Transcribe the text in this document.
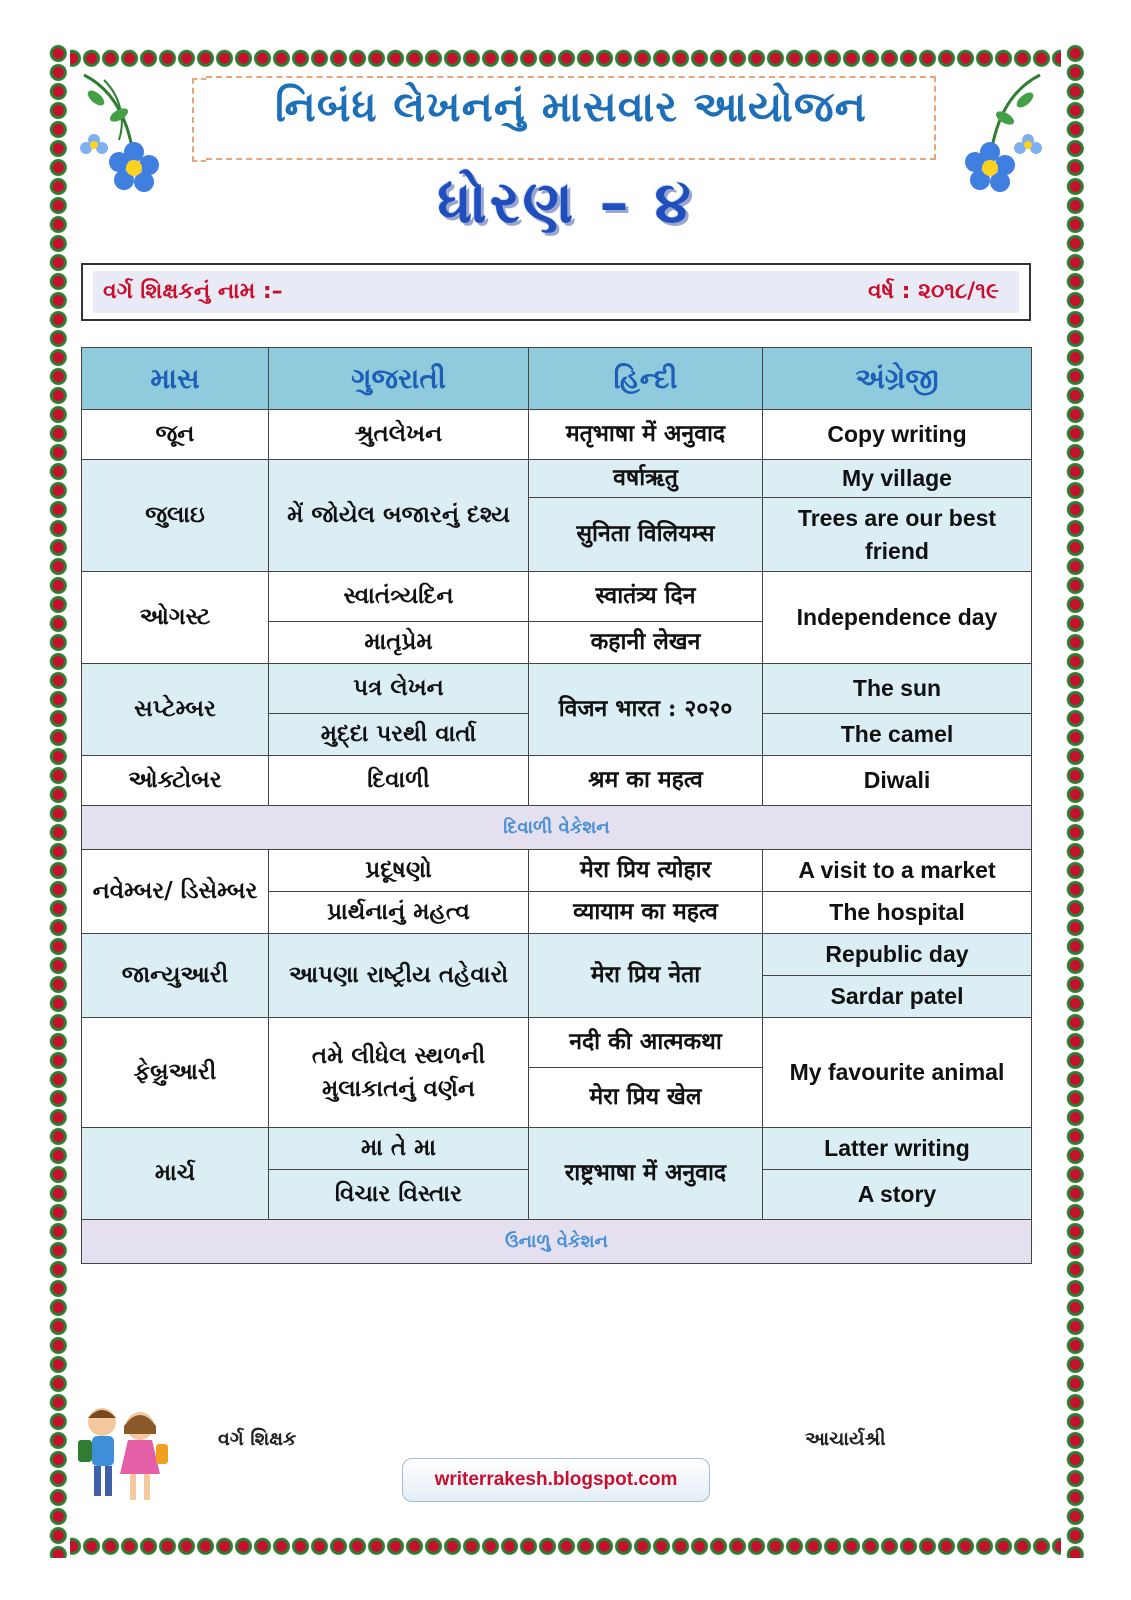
નિબંધ લેખનનું માસવાર આયોજન
ધોરણ – ૪
વર્ગ શિક્ષકનું નામ :–	વર્ષ : ૨૦૧૮/૧૯
માસ	ગુજરાતી	હિન્દી	અંગ્રેજી
જૂન	શ્રુતલેખન	मतृभाषा में अनुवाद	Copy writing
જુલાઇ	મેં જોયેલ બજારનું દશ્ય	वर्षाऋतु	My village
		सुनिता विलियम्स	Trees are our best friend
ઓગસ્ટ	સ્વાતંત્ર્યદિન	स्वातंत्र्य दिन	Independence day
	માતૃપ્રેમ	कहानी लेखन	
સપ્ટેમ્બર	પત્ર લેખન	विजन भारत : २०२०	The sun
	મુદ્દા પરથી વાર્તા		The camel
ઓક્ટોબર	દિવાળી	श्रम का महत्व	Diwali
દિવાળી વેકેશન			
નવેમ્બર/ ડિસેમ્બર	પ્રદૂષણો	मेरा प्रिय त्योहार	A visit to a market
	પ્રાર્થનાનું મહત્વ	व्यायाम का महत्व	The hospital
જાન્યુઆરી	આપણા રાષ્ટ્રીય તહેવારો	मेरा प्रिय नेता	Republic day
			Sardar patel
ફેબ્રુઆરી	તમે લીધેલ સ્થળની મુલાકાતનું વર્ણન	नदी की आत्मकथा	My favourite animal
		मेरा प्रिय खेल	
માર્ચ	મા તે મા	राष्ट्रभाषा में अनुवाद	Latter writing
	વિચાર વિસ્તાર		A story
ઉનાળુ વેકેશન			
વર્ગ શિક્ષક	આચાર્યશ્રી
writerrakesh.blogspot.com
